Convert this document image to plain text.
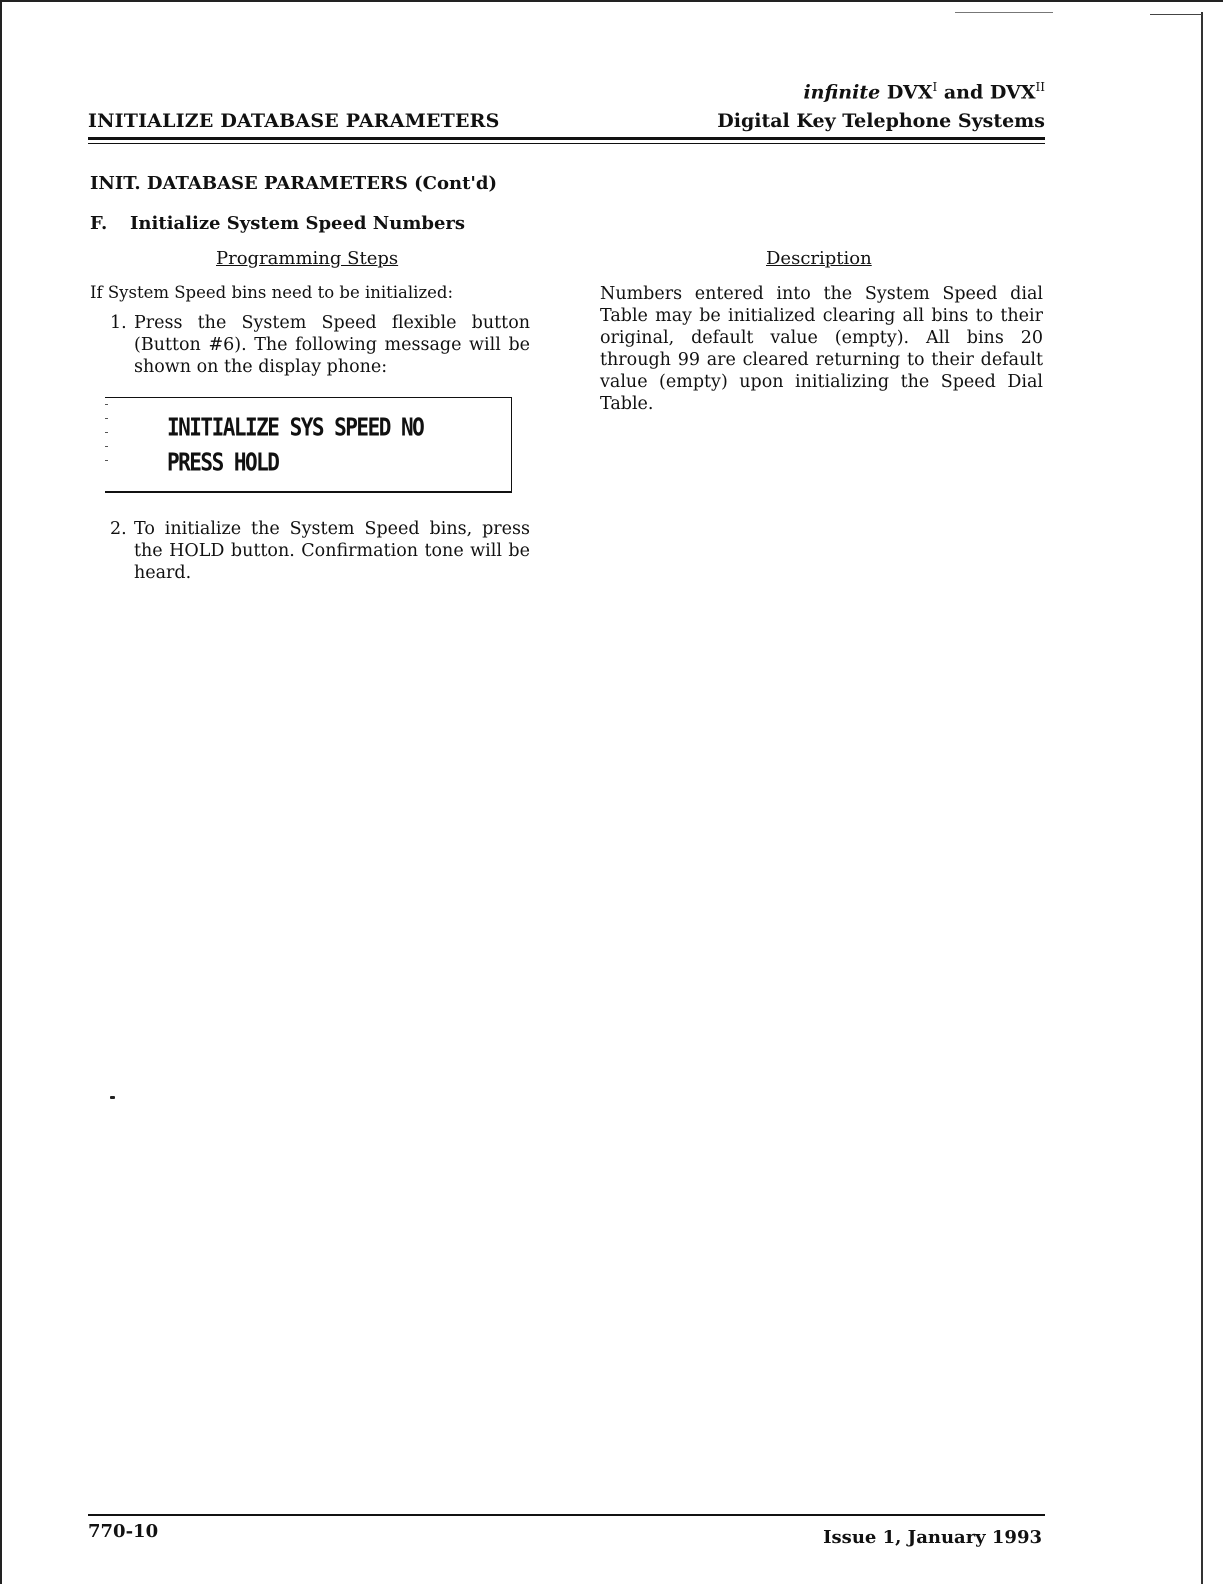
INITIALIZE DATABASE PARAMETERS
infinite $DVX^I$ and $DVX^{II}$
Digital Key Telephone Systems
INIT. DATABASE PARAMETERS (Cont'd)
F. Initialize System Speed Numbers
Programming Steps	Description
If System Speed bins need to be initialized:
1. Press the System Speed flexible button (Button #6). The following message will be shown on the display phone:
INITIALIZE SYS SPEED NO
PRESS HOLD
2. To initialize the System Speed bins, press the HOLD button. Confirmation tone will be heard.
Numbers entered into the System Speed dial Table may be initialized clearing all bins to their original, default value (empty). All bins 20 through 99 are cleared returning to their default value (empty) upon initializing the Speed Dial Table.
770-10	Issue 1, January 1993
